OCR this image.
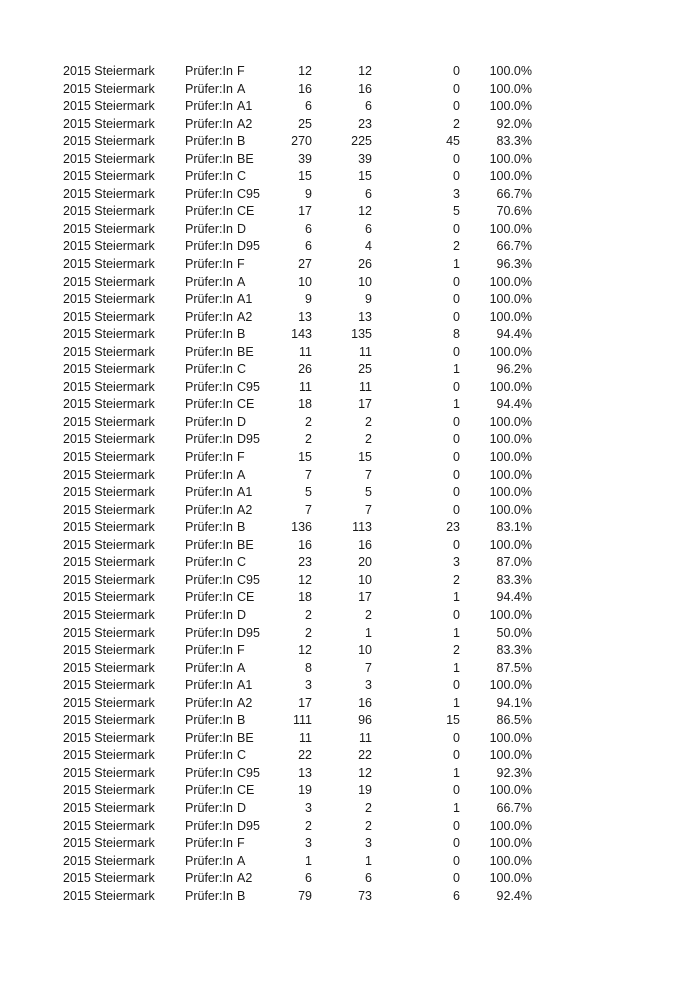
2015 Steiermark	Prüfer:In F	12	12	0	100.0%
2015 Steiermark	Prüfer:In A	16	16	0	100.0%
2015 Steiermark	Prüfer:In A1	6	6	0	100.0%
2015 Steiermark	Prüfer:In A2	25	23	2	92.0%
2015 Steiermark	Prüfer:In B	270	225	45	83.3%
2015 Steiermark	Prüfer:In BE	39	39	0	100.0%
2015 Steiermark	Prüfer:In C	15	15	0	100.0%
2015 Steiermark	Prüfer:In C95	9	6	3	66.7%
2015 Steiermark	Prüfer:In CE	17	12	5	70.6%
2015 Steiermark	Prüfer:In D	6	6	0	100.0%
2015 Steiermark	Prüfer:In D95	6	4	2	66.7%
2015 Steiermark	Prüfer:In F	27	26	1	96.3%
2015 Steiermark	Prüfer:In A	10	10	0	100.0%
2015 Steiermark	Prüfer:In A1	9	9	0	100.0%
2015 Steiermark	Prüfer:In A2	13	13	0	100.0%
2015 Steiermark	Prüfer:In B	143	135	8	94.4%
2015 Steiermark	Prüfer:In BE	11	11	0	100.0%
2015 Steiermark	Prüfer:In C	26	25	1	96.2%
2015 Steiermark	Prüfer:In C95	11	11	0	100.0%
2015 Steiermark	Prüfer:In CE	18	17	1	94.4%
2015 Steiermark	Prüfer:In D	2	2	0	100.0%
2015 Steiermark	Prüfer:In D95	2	2	0	100.0%
2015 Steiermark	Prüfer:In F	15	15	0	100.0%
2015 Steiermark	Prüfer:In A	7	7	0	100.0%
2015 Steiermark	Prüfer:In A1	5	5	0	100.0%
2015 Steiermark	Prüfer:In A2	7	7	0	100.0%
2015 Steiermark	Prüfer:In B	136	113	23	83.1%
2015 Steiermark	Prüfer:In BE	16	16	0	100.0%
2015 Steiermark	Prüfer:In C	23	20	3	87.0%
2015 Steiermark	Prüfer:In C95	12	10	2	83.3%
2015 Steiermark	Prüfer:In CE	18	17	1	94.4%
2015 Steiermark	Prüfer:In D	2	2	0	100.0%
2015 Steiermark	Prüfer:In D95	2	1	1	50.0%
2015 Steiermark	Prüfer:In F	12	10	2	83.3%
2015 Steiermark	Prüfer:In A	8	7	1	87.5%
2015 Steiermark	Prüfer:In A1	3	3	0	100.0%
2015 Steiermark	Prüfer:In A2	17	16	1	94.1%
2015 Steiermark	Prüfer:In B	111	96	15	86.5%
2015 Steiermark	Prüfer:In BE	11	11	0	100.0%
2015 Steiermark	Prüfer:In C	22	22	0	100.0%
2015 Steiermark	Prüfer:In C95	13	12	1	92.3%
2015 Steiermark	Prüfer:In CE	19	19	0	100.0%
2015 Steiermark	Prüfer:In D	3	2	1	66.7%
2015 Steiermark	Prüfer:In D95	2	2	0	100.0%
2015 Steiermark	Prüfer:In F	3	3	0	100.0%
2015 Steiermark	Prüfer:In A	1	1	0	100.0%
2015 Steiermark	Prüfer:In A2	6	6	0	100.0%
2015 Steiermark	Prüfer:In B	79	73	6	92.4%
